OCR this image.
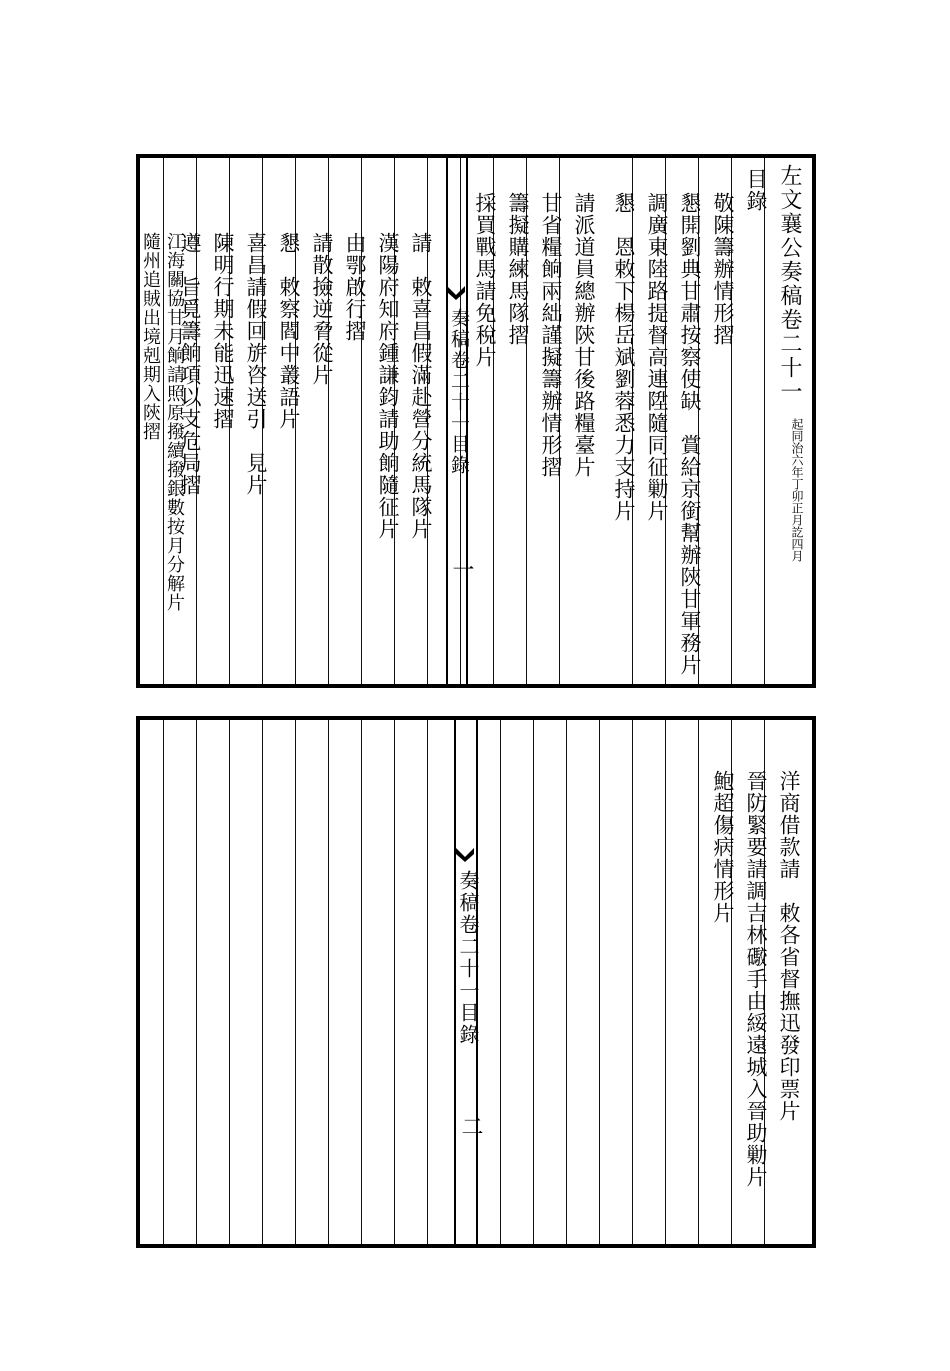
左文襄公奏稿卷二十一
起同治六年丁卯正月訖四月
目錄
敬陳籌辦情形摺
懇開劉典甘肅按察使缺　賞給京銜幫辦陝甘軍務片
調廣東陸路提督高連陞隨同征勦片
懇　恩敕下楊岳斌劉蓉悉力支持片
請派道員總辦陝甘後路糧臺片
甘省糧餉兩絀謹擬籌辦情形摺
籌擬購練馬隊摺
採買戰馬請免稅片
奏稿卷二十一目錄
一
請　敕喜昌假滿赴營分統馬隊片
漢陽府知府鍾謙鈞請助餉隨征片
由鄂啟行摺
請散撿逆脅從片
懇　敕察閻中叢語片
喜昌請假回旂咨送引　見片
陳明行期未能迅速摺
遵　旨覓籌餉項以支危局摺
江海關協甘月餉請照原撥續撥銀數按月分解片
隨州追賊出境剋期入陝摺
洋商借款請　敕各省督撫迅發印票片
晉防緊要請調吉林礮手由綏遠城入晉助勦片
鮑超傷病情形片
奏稿卷二十一目錄
二
